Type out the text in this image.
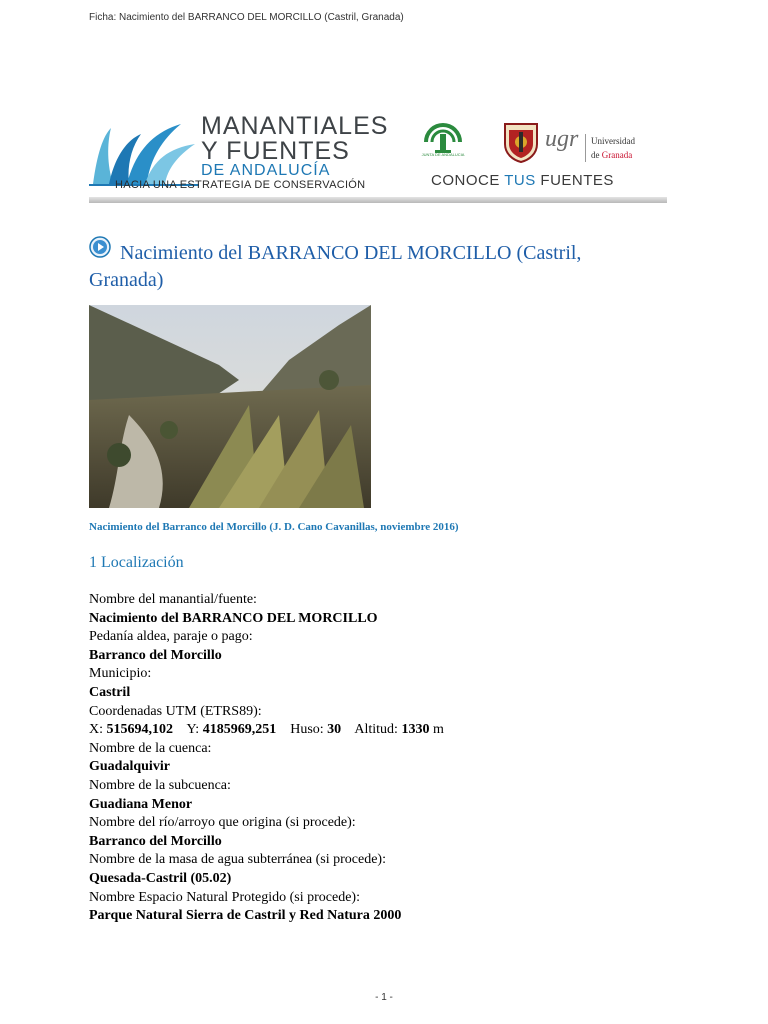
Ficha: Nacimiento del BARRANCO DEL MORCILLO (Castril, Granada)
MANANTIALES
Y FUENTES
DE ANDALUCÍA
HACIA UNA ESTRATEGIA DE CONSERVACIÓN
JUNTA DE ANDALUCIA
ugr Universidad
de Granada
CONOCE TUS FUENTES
Nacimiento del BARRANCO DEL MORCILLO (Castril, Granada)
Nacimiento del Barranco del Morcillo (J. D. Cano Cavanillas, noviembre 2016)
1 Localización
Nombre del manantial/fuente:
Nacimiento del BARRANCO DEL MORCILLO
Pedanía aldea, paraje o pago:
Barranco del Morcillo
Municipio:
Castril
Coordenadas UTM (ETRS89):
X: 515694,102 Y: 4185969,251 Huso: 30 Altitud: 1330 m
Nombre de la cuenca:
Guadalquivir
Nombre de la subcuenca:
Guadiana Menor
Nombre del río/arroyo que origina (si procede):
Barranco del Morcillo
Nombre de la masa de agua subterránea (si procede):
Quesada-Castril (05.02)
Nombre Espacio Natural Protegido (si procede):
Parque Natural Sierra de Castril y Red Natura 2000
- 1 -
